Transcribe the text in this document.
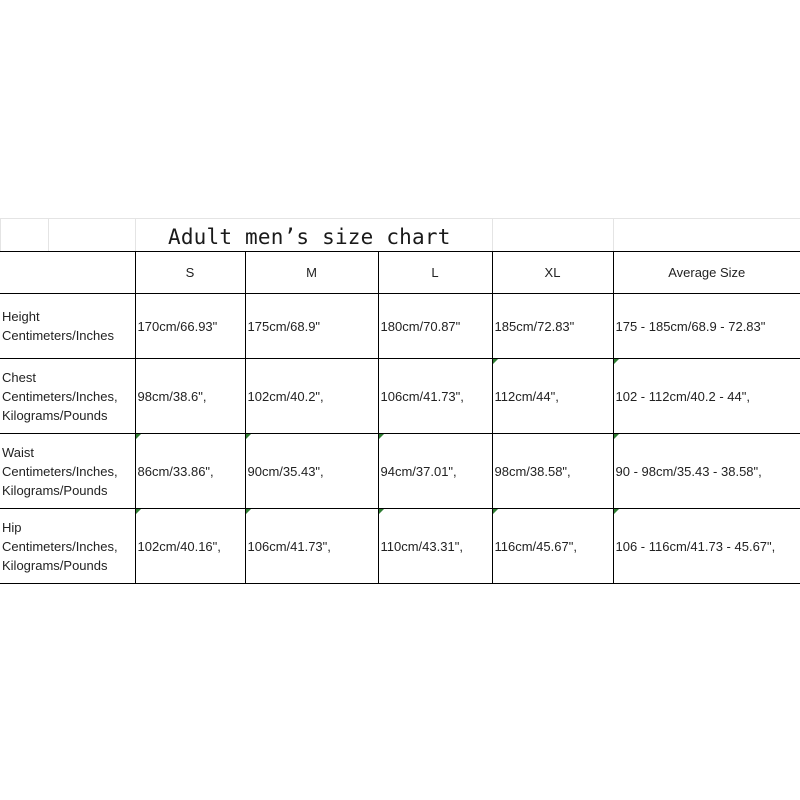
Adult men’s size chart
	S	M	L	XL	Average Size
Height
Centimeters/Inches	170cm/66.93"	175cm/68.9"	180cm/70.87"	185cm/72.83"	175 - 185cm/68.9 - 72.83"
Chest
Centimeters/Inches,
Kilograms/Pounds	98cm/38.6",	102cm/40.2",	106cm/41.73",	112cm/44",	102 - 112cm/40.2 - 44",
Waist
Centimeters/Inches,
Kilograms/Pounds	86cm/33.86",	90cm/35.43",	94cm/37.01",	98cm/38.58",	90 - 98cm/35.43 - 38.58",
Hip
Centimeters/Inches,
Kilograms/Pounds	102cm/40.16",	106cm/41.73",	110cm/43.31",	116cm/45.67",	106 - 116cm/41.73 - 45.67",
